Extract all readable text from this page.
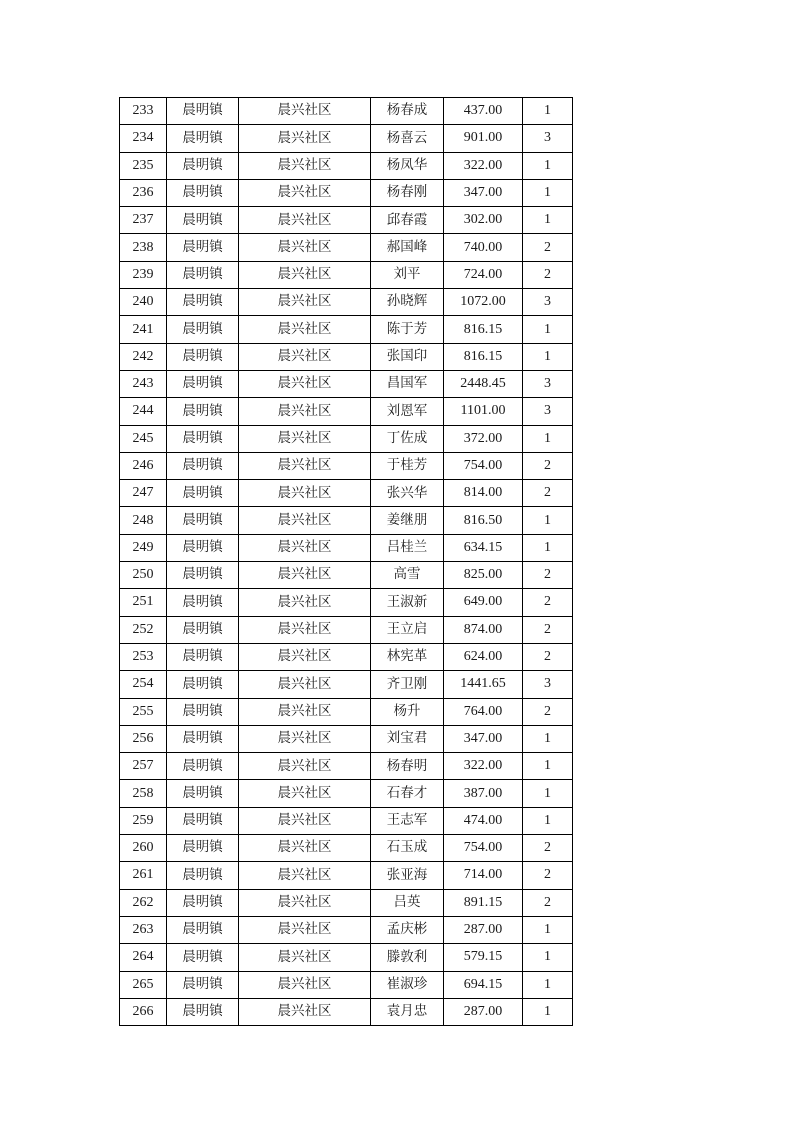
233	晨明镇	晨兴社区	杨春成	437.00	1
234	晨明镇	晨兴社区	杨喜云	901.00	3
235	晨明镇	晨兴社区	杨凤华	322.00	1
236	晨明镇	晨兴社区	杨春刚	347.00	1
237	晨明镇	晨兴社区	邱春霞	302.00	1
238	晨明镇	晨兴社区	郝国峰	740.00	2
239	晨明镇	晨兴社区	刘平	724.00	2
240	晨明镇	晨兴社区	孙晓辉	1072.00	3
241	晨明镇	晨兴社区	陈于芳	816.15	1
242	晨明镇	晨兴社区	张国印	816.15	1
243	晨明镇	晨兴社区	昌国军	2448.45	3
244	晨明镇	晨兴社区	刘恩军	1101.00	3
245	晨明镇	晨兴社区	丁佐成	372.00	1
246	晨明镇	晨兴社区	于桂芳	754.00	2
247	晨明镇	晨兴社区	张兴华	814.00	2
248	晨明镇	晨兴社区	姜继朋	816.50	1
249	晨明镇	晨兴社区	吕桂兰	634.15	1
250	晨明镇	晨兴社区	高雪	825.00	2
251	晨明镇	晨兴社区	王淑新	649.00	2
252	晨明镇	晨兴社区	王立启	874.00	2
253	晨明镇	晨兴社区	林宪革	624.00	2
254	晨明镇	晨兴社区	齐卫刚	1441.65	3
255	晨明镇	晨兴社区	杨升	764.00	2
256	晨明镇	晨兴社区	刘宝君	347.00	1
257	晨明镇	晨兴社区	杨春明	322.00	1
258	晨明镇	晨兴社区	石春才	387.00	1
259	晨明镇	晨兴社区	王志军	474.00	1
260	晨明镇	晨兴社区	石玉成	754.00	2
261	晨明镇	晨兴社区	张亚海	714.00	2
262	晨明镇	晨兴社区	吕英	891.15	2
263	晨明镇	晨兴社区	孟庆彬	287.00	1
264	晨明镇	晨兴社区	滕敦利	579.15	1
265	晨明镇	晨兴社区	崔淑珍	694.15	1
266	晨明镇	晨兴社区	袁月忠	287.00	1
